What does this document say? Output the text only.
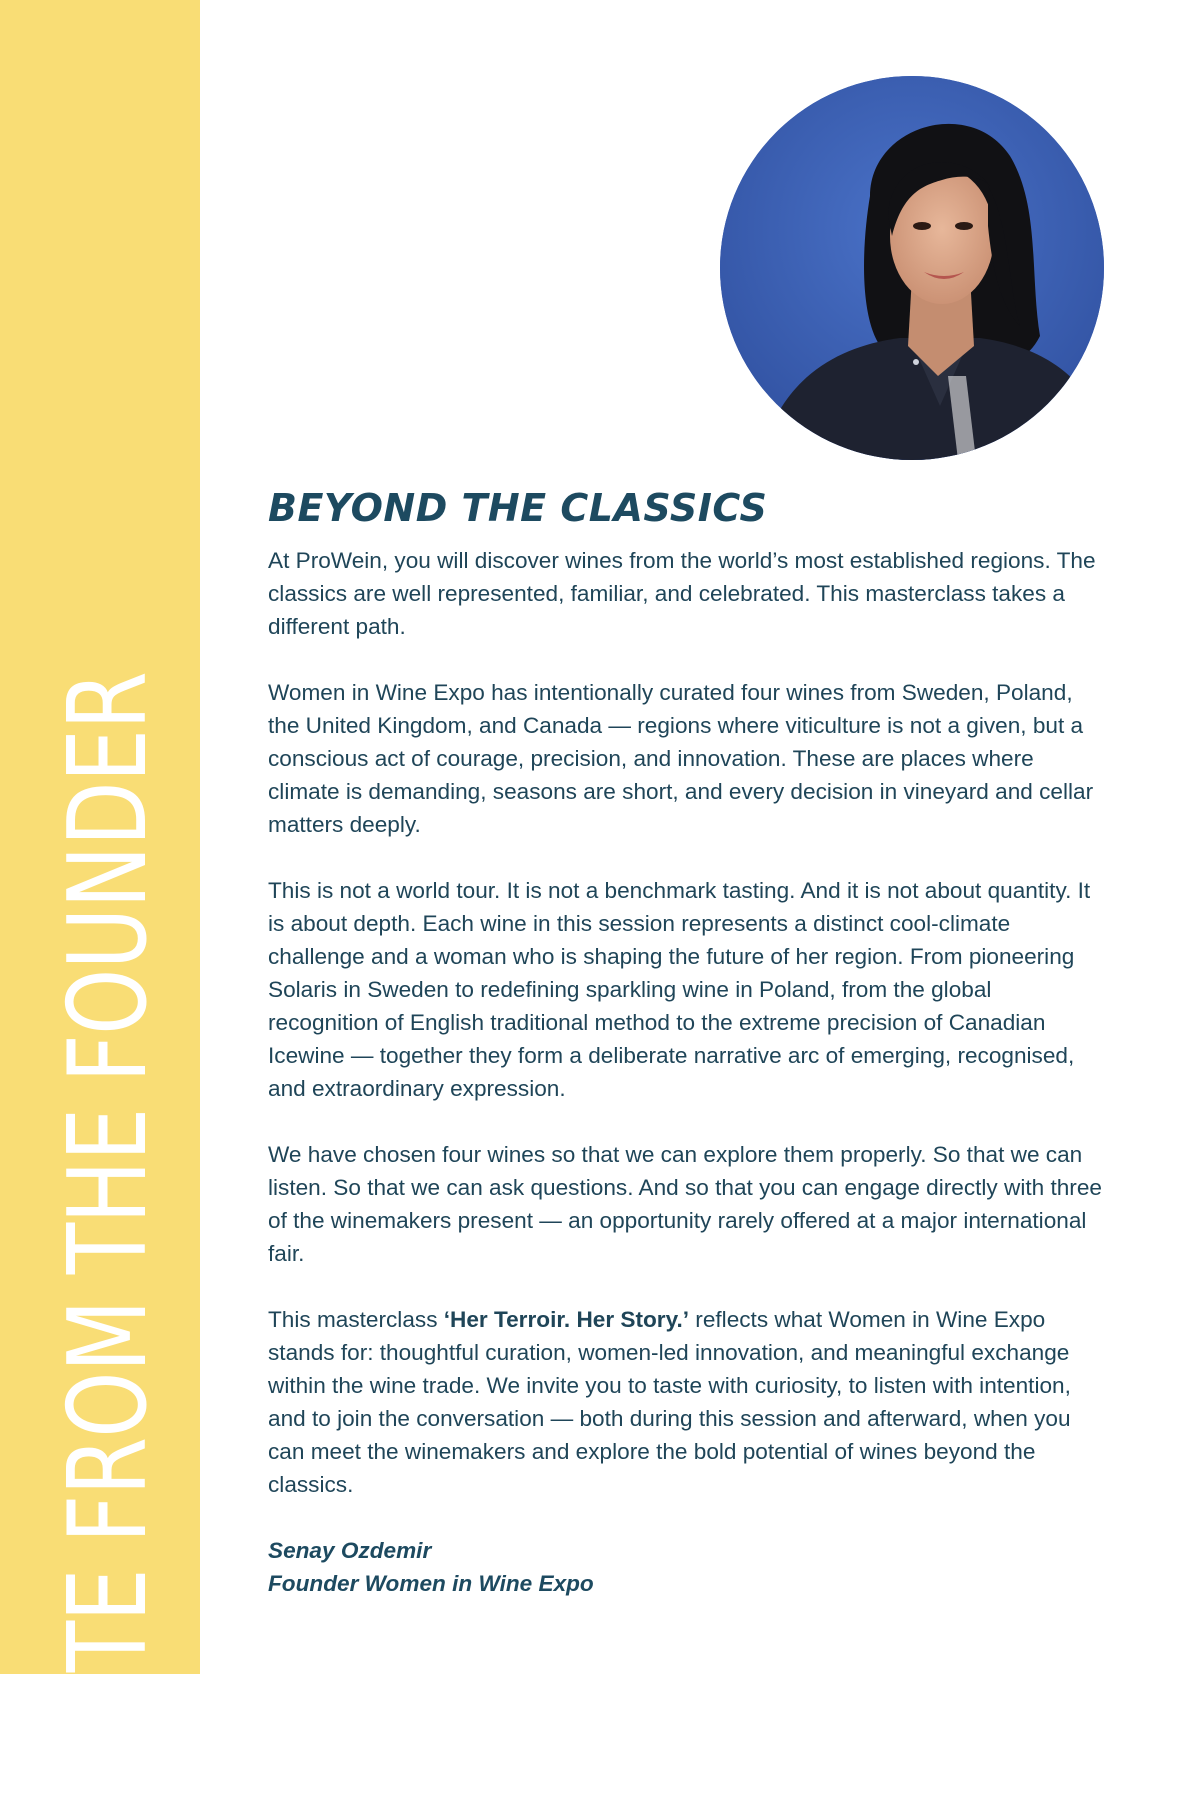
NOTE FROM THE FOUNDER
BEYOND THE CLASSICS

At ProWein, you will discover wines from the world’s most established regions. The classics are well represented, familiar, and celebrated. This masterclass takes a different path.

Women in Wine Expo has intentionally curated four wines from Sweden, Poland, the United Kingdom, and Canada — regions where viticulture is not a given, but a conscious act of courage, precision, and innovation. These are places where climate is demanding, seasons are short, and every decision in vineyard and cellar matters deeply.

This is not a world tour. It is not a benchmark tasting. And it is not about quantity. It is about depth. Each wine in this session represents a distinct cool-climate challenge and a woman who is shaping the future of her region. From pioneering Solaris in Sweden to redefining sparkling wine in Poland, from the global recognition of English traditional method to the extreme precision of Canadian Icewine — together they form a deliberate narrative arc of emerging, recognised, and extraordinary expression.

We have chosen four wines so that we can explore them properly. So that we can listen. So that we can ask questions. And so that you can engage directly with three of the winemakers present — an opportunity rarely offered at a major international fair.

This masterclass ‘Her Terroir. Her Story.’ reflects what Women in Wine Expo stands for: thoughtful curation, women-led innovation, and meaningful exchange within the wine trade. We invite you to taste with curiosity, to listen with intention, and to join the conversation — both during this session and afterward, when you can meet the winemakers and explore the bold potential of wines beyond the classics.

Senay Ozdemir
Founder Women in Wine Expo
